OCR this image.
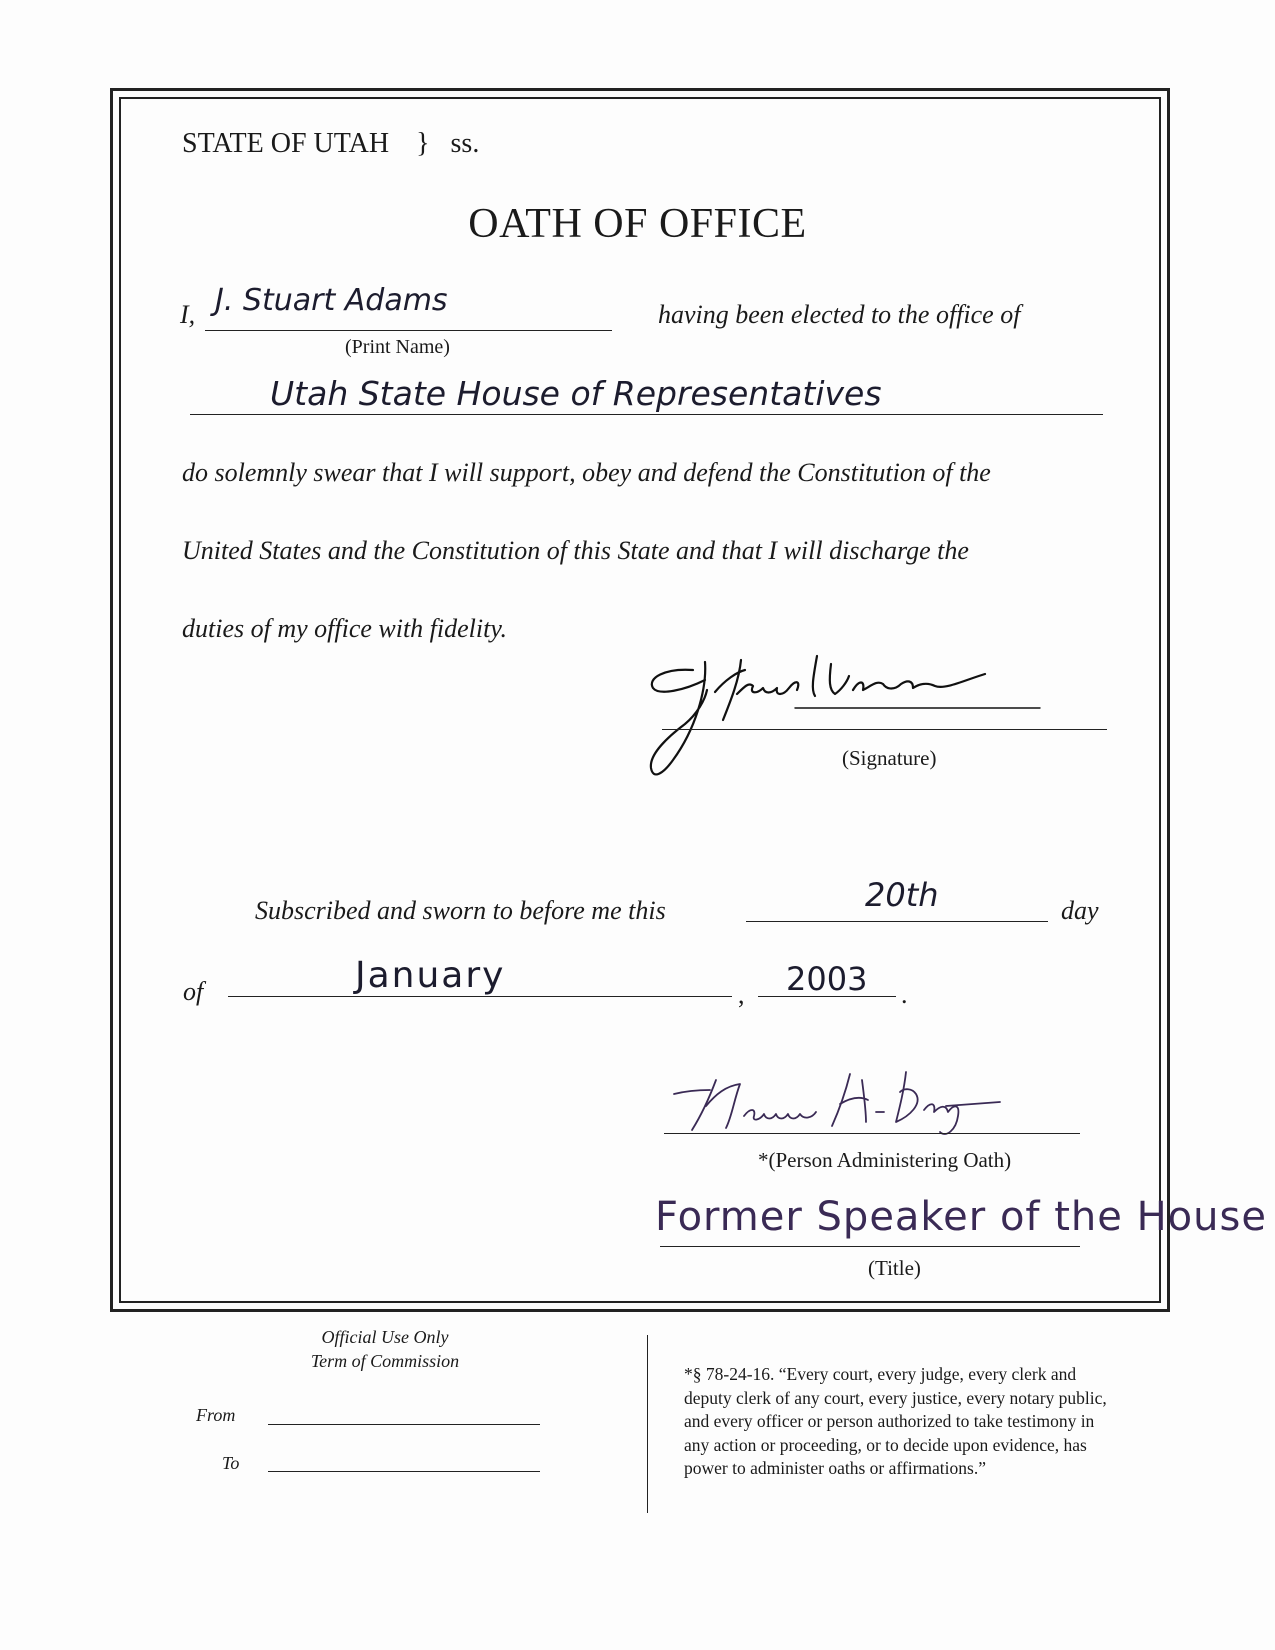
STATE OF UTAH } ss.
OATH OF OFFICE
I, J. Stuart Adams
(Print Name)
having been elected to the office of
Utah State House of Representatives
do solemnly swear that I will support, obey and defend the Constitution of the
United States and the Constitution of this State and that I will discharge the
duties of my office with fidelity.
(Signature)
Subscribed and sworn to before me this	20th	day
of	January	, 2003 .
*(Person Administering Oath)
Former Speaker of the House
(Title)
Official Use Only
Term of Commission
From
To
*§ 78-24-16. “Every court, every judge, every clerk and
deputy clerk of any court, every justice, every notary public,
and every officer or person authorized to take testimony in
any action or proceeding, or to decide upon evidence, has
power to administer oaths or affirmations.”
